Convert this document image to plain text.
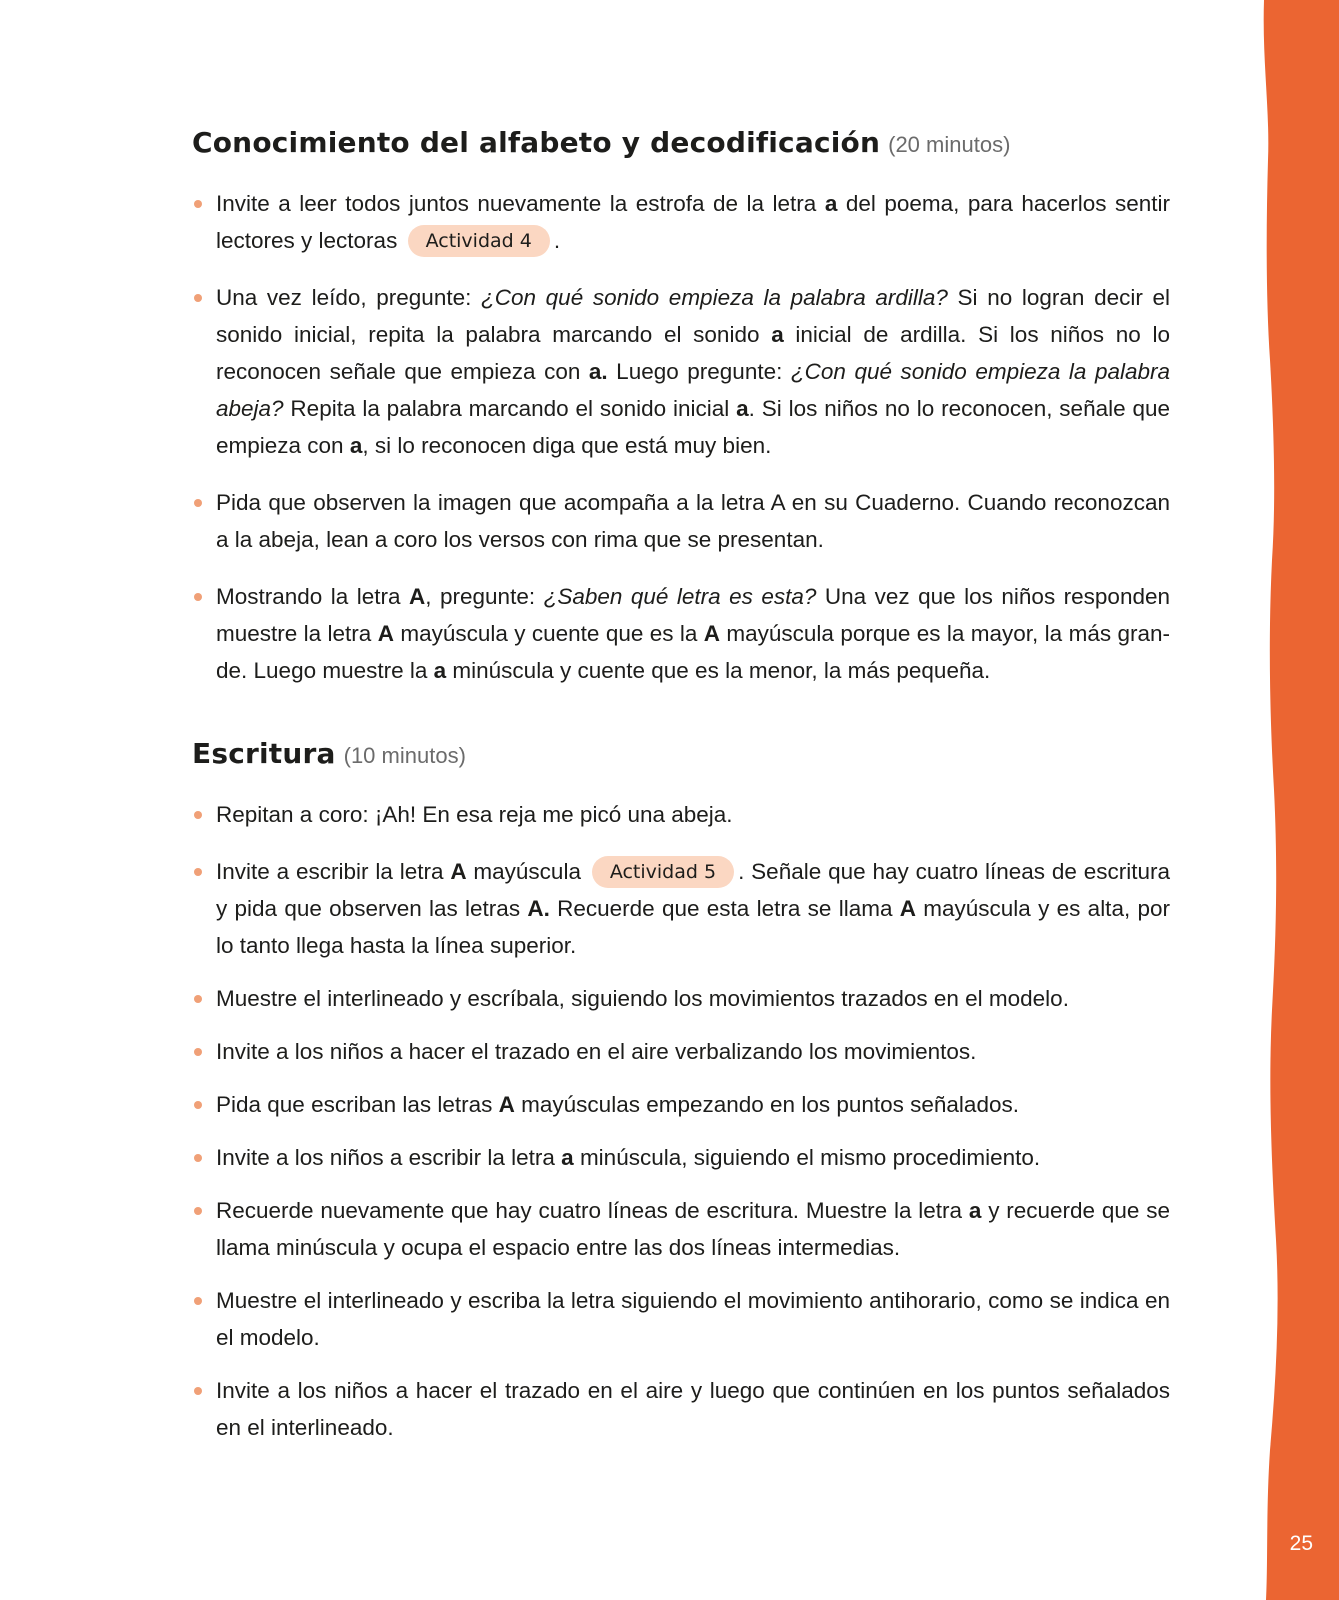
25
Conocimiento del alfabeto y decodificación (20 minutos)
Invite a leer todos juntos nuevamente la estrofa de la letra a del poema, para hacerlos sentir lectores y lectoras Actividad 4 .
Una vez leído, pregunte: ¿Con qué sonido empieza la palabra ardilla? Si no logran decir el sonido inicial, repita la palabra marcando el sonido a inicial de ardilla. Si los niños no lo reconocen señale que empieza con a. Luego pregunte: ¿Con qué sonido empieza la palabra abeja? Repita la palabra marcando el sonido inicial a. Si los niños no lo reconocen, señale que empieza con a, si lo reconocen diga que está muy bien.
Pida que observen la imagen que acompaña a la letra A en su Cuaderno. Cuando reconozcan a la abeja, lean a coro los versos con rima que se presentan.
Mostrando la letra A, pregunte: ¿Saben qué letra es esta? Una vez que los niños responden muestre la letra A mayúscula y cuente que es la A mayúscula porque es la mayor, la más grande. Luego muestre la a minúscula y cuente que es la menor, la más pequeña.
Escritura (10 minutos)
Repitan a coro: ¡Ah! En esa reja me picó una abeja.
Invite a escribir la letra A mayúscula Actividad 5 . Señale que hay cuatro líneas de escritura y pida que observen las letras A. Recuerde que esta letra se llama A mayúscula y es alta, por lo tanto llega hasta la línea superior.
Muestre el interlineado y escríbala, siguiendo los movimientos trazados en el modelo.
Invite a los niños a hacer el trazado en el aire verbalizando los movimientos.
Pida que escriban las letras A mayúsculas empezando en los puntos señalados.
Invite a los niños a escribir la letra a minúscula, siguiendo el mismo procedimiento.
Recuerde nuevamente que hay cuatro líneas de escritura. Muestre la letra a y recuerde que se llama minúscula y ocupa el espacio entre las dos líneas intermedias.
Muestre el interlineado y escriba la letra siguiendo el movimiento antihorario, como se indica en el modelo.
Invite a los niños a hacer el trazado en el aire y luego que continúen en los puntos señalados en el interlineado.
